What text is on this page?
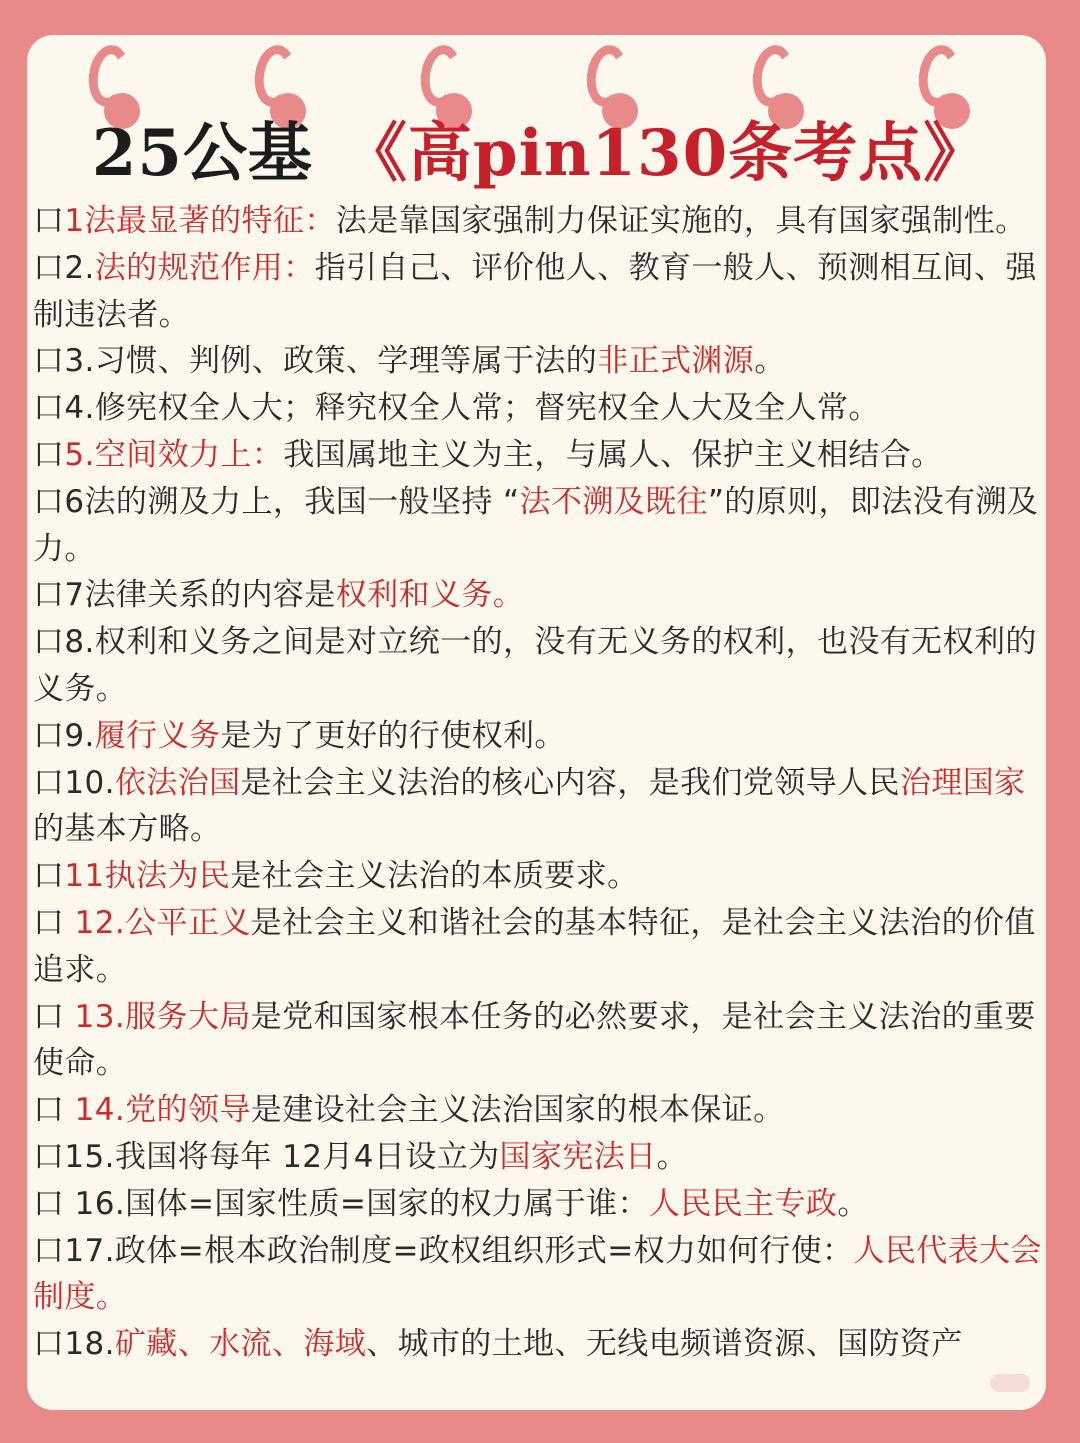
25公基 《高pin130条考点》
口1法最显著的特征：法是靠国家强制力保证实施的，具有国家强制性。
口2.法的规范作用：指引自己、评价他人、教育一般人、预测相互间、强制违法者。
口3.习惯、判例、政策、学理等属于法的非正式渊源。
口4.修宪权全人大；释究权全人常；督宪权全人大及全人常。
口5.空间效力上：我国属地主义为主，与属人、保护主义相结合。
口6法的溯及力上，我国一般坚持 “法不溯及既往”的原则，即法没有溯及力。
口7法律关系的内容是权利和义务。
口8.权利和义务之间是对立统一的，没有无义务的权利，也没有无权利的义务。
口9.履行义务是为了更好的行使权利。
口10.依法治国是社会主义法治的核心内容，是我们党领导人民治理国家的基本方略。
口11执法为民是社会主义法治的本质要求。
口 12.公平正义是社会主义和谐社会的基本特征，是社会主义法治的价值追求。
口 13.服务大局是党和国家根本任务的必然要求，是社会主义法治的重要使命。
口 14.党的领导是建设社会主义法治国家的根本保证。
口15.我国将每年 12月4日设立为国家宪法日。
口 16.国体=国家性质=国家的权力属于谁：人民民主专政。
口17.政体=根本政治制度=政权组织形式=权力如何行使：人民代表大会制度。
口18.矿藏、水流、海域、城市的土地、无线电频谱资源、国防资产
